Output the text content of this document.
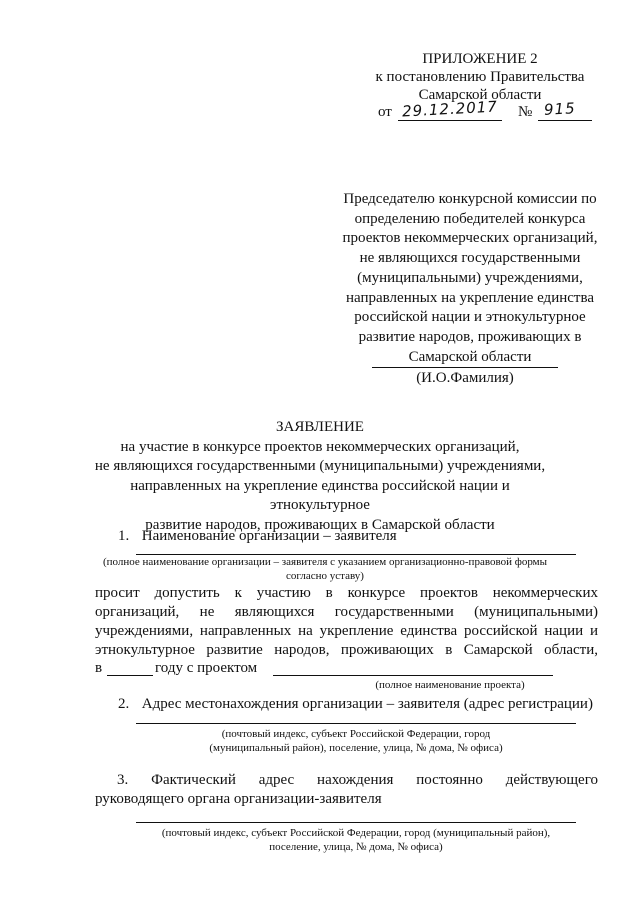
ПРИЛОЖЕНИЕ 2
к постановлению Правительства
Самарской области
от 29.12.2017 № 915
Председателю конкурсной комиссии по
определению победителей конкурса
проектов некоммерческих организаций,
не являющихся государственными
(муниципальными) учреждениями,
направленных на укрепление единства
российской нации и этнокультурное
развитие народов, проживающих в
Самарской области
(И.О.Фамилия)
ЗАЯВЛЕНИЕ
на участие в конкурсе проектов некоммерческих организаций,
не являющихся государственными (муниципальными) учреждениями,
направленных на укрепление единства российской нации и этнокультурное
развитие народов, проживающих в Самарской области
1. Наименование организации – заявителя
(полное наименование организации – заявителя с указанием организационно-правовой формы
согласно уставу)
просит допустить к участию в конкурсе проектов некоммерческих
организаций, не являющихся государственными (муниципальными)
учреждениями, направленных на укрепление единства российской нации и
этнокультурное развитие народов, проживающих в Самарской области,
в	году с проектом
(полное наименование проекта)
2. Адрес местонахождения организации – заявителя (адрес регистрации)
(почтовый индекс, субъект Российской Федерации, город
(муниципальный район), поселение, улица, № дома, № офиса)
3. Фактический адрес нахождения постоянно действующего
руководящего органа организации-заявителя
(почтовый индекс, субъект Российской Федерации, город (муниципальный район),
поселение, улица, № дома, № офиса)
